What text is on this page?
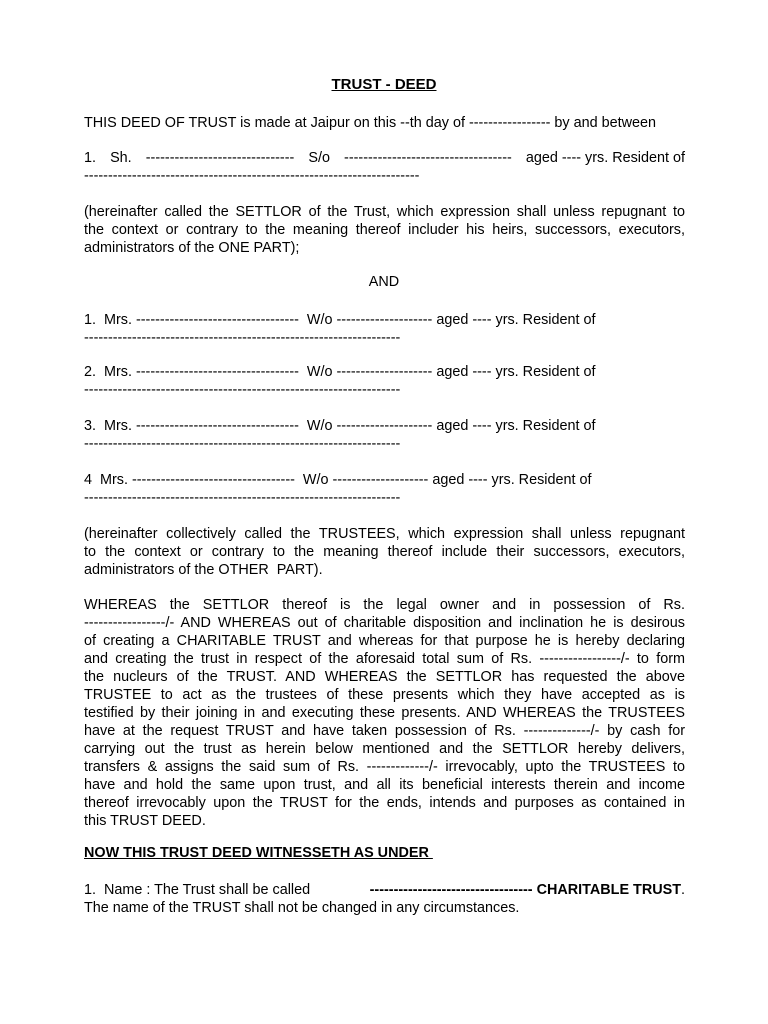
TRUST - DEED
THIS DEED OF TRUST is made at Jaipur on this --th day of ----------------- by and between
1. Sh. ------------------------------- S/o ----------------------------------- aged ---- yrs. Resident of
----------------------------------------------------------------------
(hereinafter called the SETTLOR of the Trust, which expression shall unless repugnant to
the context or contrary to the meaning thereof includer his heirs, successors, executors,
administrators of the ONE PART);
AND
1.  Mrs. ----------------------------------  W/o -------------------- aged ---- yrs. Resident of
------------------------------------------------------------------
2.  Mrs. ----------------------------------  W/o -------------------- aged ---- yrs. Resident of
------------------------------------------------------------------
3.  Mrs. ----------------------------------  W/o -------------------- aged ---- yrs. Resident of
------------------------------------------------------------------
4  Mrs. ----------------------------------  W/o -------------------- aged ---- yrs. Resident of
------------------------------------------------------------------
(hereinafter collectively called the TRUSTEES, which expression shall unless repugnant
to the context or contrary to the meaning thereof include their successors, executors,
administrators of the OTHER  PART).
WHEREAS the SETTLOR thereof is the legal owner and in possession of Rs.
-----------------/- AND WHEREAS out of charitable disposition and inclination he is desirous
of creating a CHARITABLE TRUST and whereas for that purpose he is hereby declaring
and creating the trust in respect of the aforesaid total sum of Rs. -----------------/- to form
the nucleurs of the TRUST. AND WHEREAS the SETTLOR has requested the above
TRUSTEE to act as the trustees of these presents which they have accepted as is
testified by their joining in and executing these presents. AND WHEREAS the TRUSTEES
have at the request TRUST and have taken possession of Rs. --------------/- by cash for
carrying out the trust as herein below mentioned and the SETTLOR hereby delivers,
transfers & assigns the said sum of Rs. -------------/- irrevocably, upto the TRUSTEES to
have and hold the same upon trust, and all its beneficial interests therein and income
thereof irrevocably upon the TRUST for the ends, intends and purposes as contained in
this TRUST DEED.
NOW THIS TRUST DEED WITNESSETH AS UNDER
1.  Name : The Trust shall be called	---------------------------------- CHARITABLE TRUST.
The name of the TRUST shall not be changed in any circumstances.
